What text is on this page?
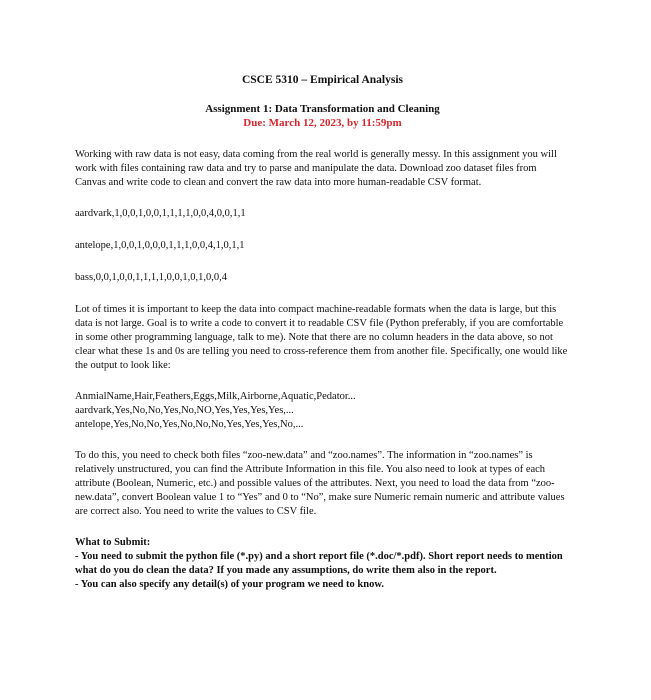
CSCE 5310 – Empirical Analysis
Assignment 1: Data Transformation and Cleaning
Due: March 12, 2023, by 11:59pm

Working with raw data is not easy, data coming from the real world is generally messy. In this assignment you will work with files containing raw data and try to parse and manipulate the data. Download zoo dataset files from Canvas and write code to clean and convert the raw data into more human-readable CSV format.

aardvark,1,0,0,1,0,0,1,1,1,1,0,0,4,0,0,1,1
antelope,1,0,0,1,0,0,0,1,1,1,0,0,4,1,0,1,1
bass,0,0,1,0,0,1,1,1,1,0,0,1,0,1,0,0,4

Lot of times it is important to keep the data into compact machine-readable formats when the data is large, but this data is not large. Goal is to write a code to convert it to readable CSV file (Python preferably, if you are comfortable in some other programming language, talk to me). Note that there are no column headers in the data above, so not clear what these 1s and 0s are telling you need to cross-reference them from another file. Specifically, one would like the output to look like:

AnmialName,Hair,Feathers,Eggs,Milk,Airborne,Aquatic,Pedator...
aardvark,Yes,No,No,Yes,No,NO,Yes,Yes,Yes,Yes,...
antelope,Yes,No,No,Yes,No,No,No,Yes,Yes,Yes,No,...

To do this, you need to check both files “zoo-new.data” and “zoo.names”. The information in “zoo.names” is relatively unstructured, you can find the Attribute Information in this file. You also need to look at types of each attribute (Boolean, Numeric, etc.) and possible values of the attributes. Next, you need to load the data from “zoo-new.data”, convert Boolean value 1 to “Yes” and 0 to “No”, make sure Numeric remain numeric and attribute values are correct also. You need to write the values to CSV file.

What to Submit:
- You need to submit the python file (*.py) and a short report file (*.doc/*.pdf). Short report needs to mention what do you do clean the data? If you made any assumptions, do write them also in the report.
- You can also specify any detail(s) of your program we need to know.
